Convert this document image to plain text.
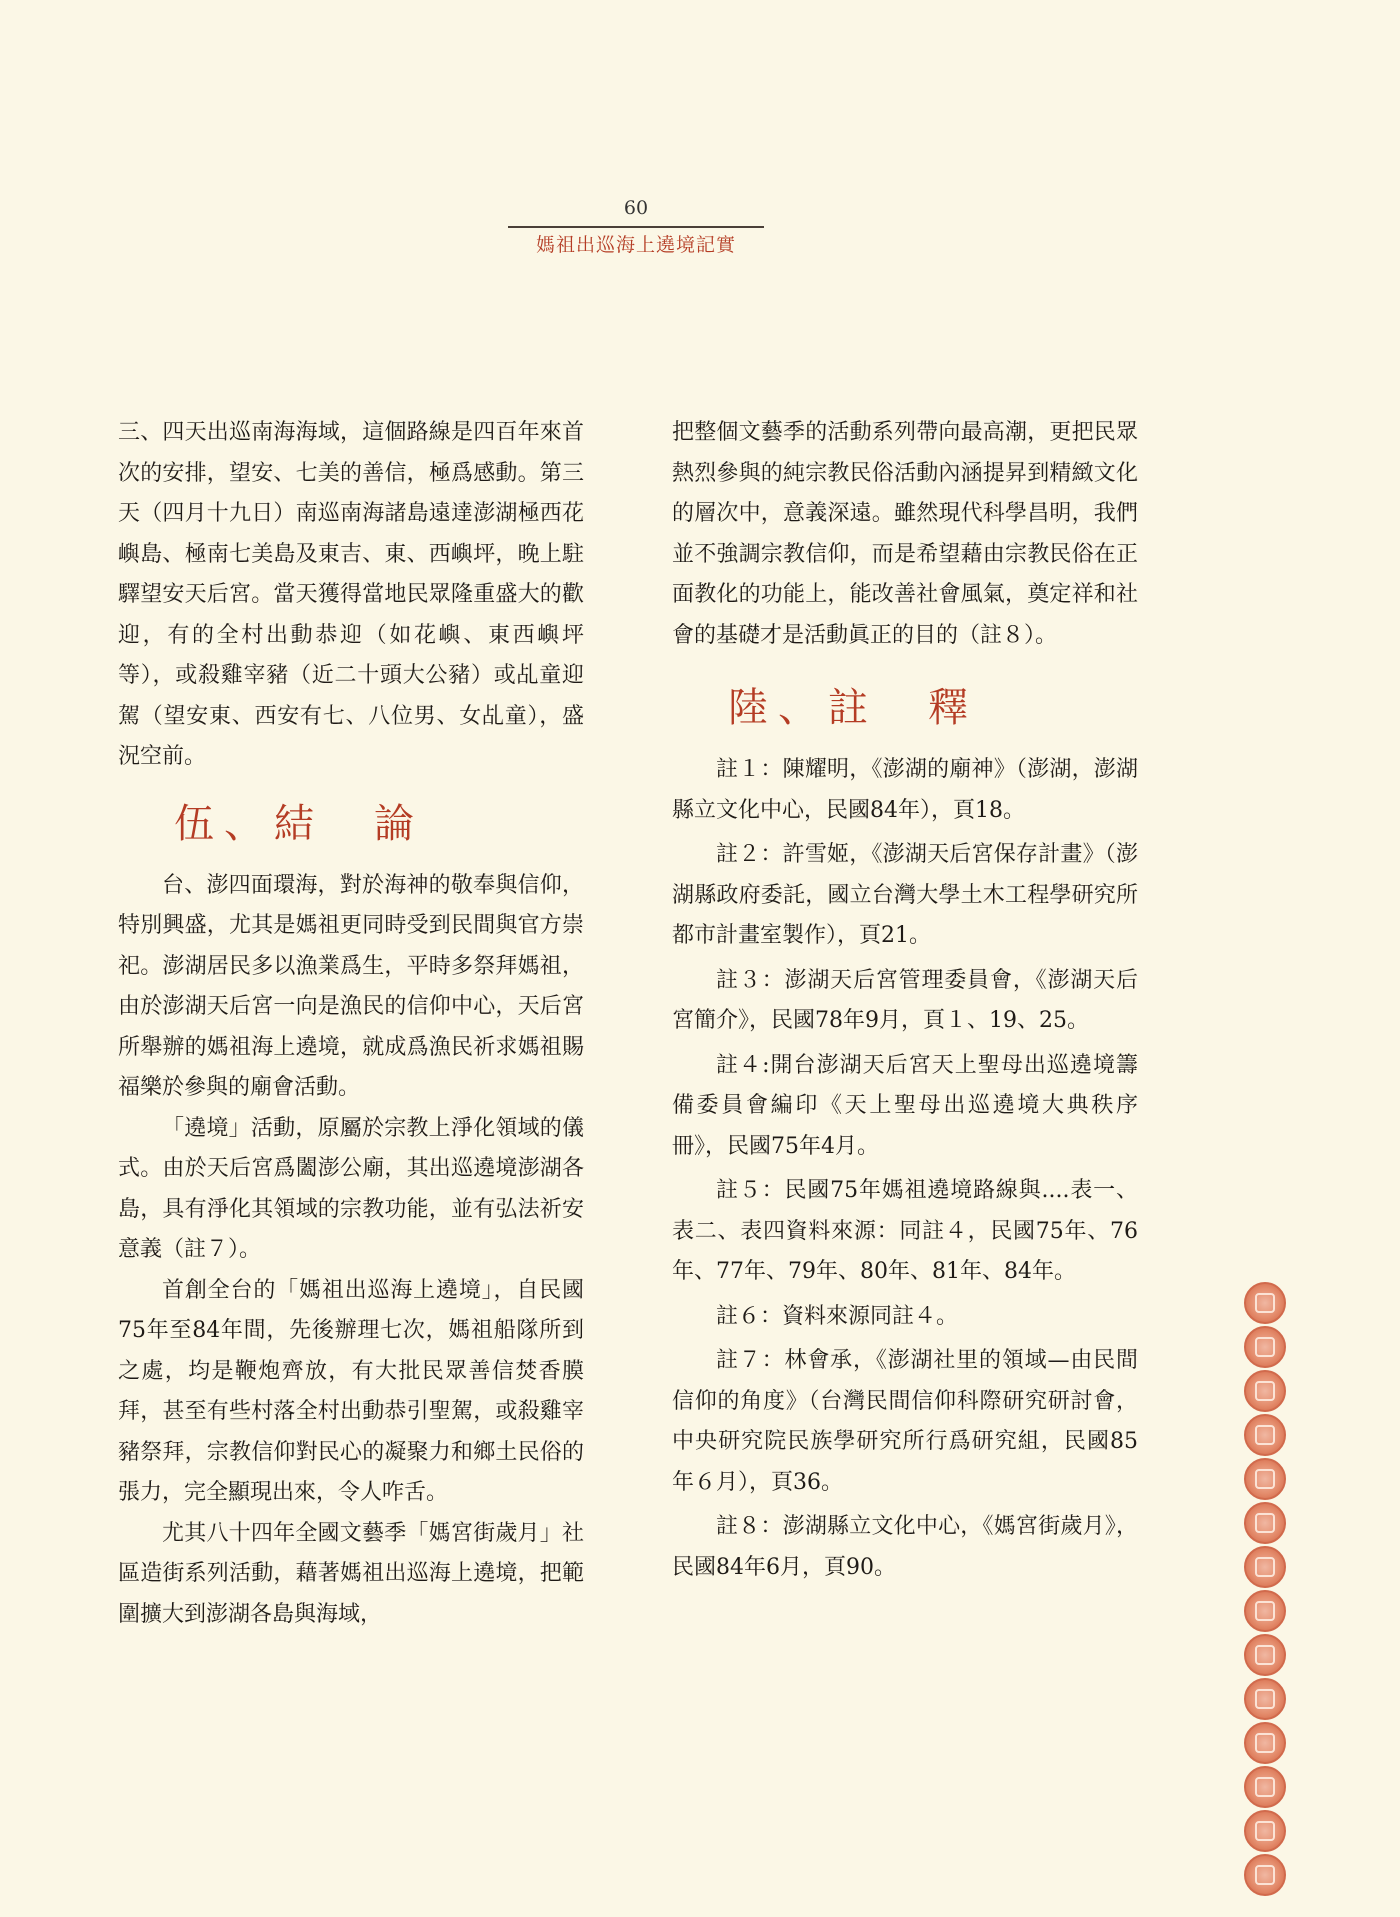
60
媽祖出巡海上遶境記實

三、四天出巡南海海域，這個路線是四百年來首次的安排，望安、七美的善信，極爲感動。第三天（四月十九日）南巡南海諸島遠達澎湖極西花嶼島、極南七美島及東吉、東、西嶼坪，晚上駐驛望安天后宮。當天獲得當地民眾隆重盛大的歡迎，有的全村出動恭迎（如花嶼、東西嶼坪等），或殺雞宰豬（近二十頭大公豬）或乩童迎駕（望安東、西安有七、八位男、女乩童），盛況空前。

伍、結　論

台、澎四面環海，對於海神的敬奉與信仰，特別興盛，尤其是媽祖更同時受到民間與官方崇祀。澎湖居民多以漁業爲生，平時多祭拜媽祖，由於澎湖天后宮一向是漁民的信仰中心，天后宮所舉辦的媽祖海上遶境，就成爲漁民祈求媽祖賜福樂於參與的廟會活動。

「遶境」活動，原屬於宗教上淨化領域的儀式。由於天后宮爲闔澎公廟，其出巡遶境澎湖各島，具有淨化其領域的宗教功能，並有弘法祈安意義（註７）。

首創全台的「媽祖出巡海上遶境」，自民國75年至84年間，先後辦理七次，媽祖船隊所到之處，均是鞭炮齊放，有大批民眾善信焚香膜拜，甚至有些村落全村出動恭引聖駕，或殺雞宰豬祭拜，宗教信仰對民心的凝聚力和鄉土民俗的張力，完全顯現出來，令人咋舌。

尤其八十四年全國文藝季「媽宮街歲月」社區造街系列活動，藉著媽祖出巡海上遶境，把範圍擴大到澎湖各島與海域，

把整個文藝季的活動系列帶向最高潮，更把民眾熱烈參與的純宗教民俗活動內涵提昇到精緻文化的層次中，意義深遠。雖然現代科學昌明，我們並不強調宗教信仰，而是希望藉由宗教民俗在正面教化的功能上，能改善社會風氣，奠定祥和社會的基礎才是活動眞正的目的（註８）。

陸、註　釋

註１：陳耀明，《澎湖的廟神》（澎湖，澎湖縣立文化中心，民國84年），頁18。

註２：許雪姬，《澎湖天后宮保存計畫》（澎湖縣政府委託，國立台灣大學土木工程學研究所都市計畫室製作），頁21。

註３：澎湖天后宮管理委員會，《澎湖天后宮簡介》，民國78年9月，頁１、19、25。

註４:開台澎湖天后宮天上聖母出巡遶境籌備委員會編印《天上聖母出巡遶境大典秩序冊》，民國75年4月。

註５：民國75年媽祖遶境路線與....表一、表二、表四資料來源：同註４，民國75年、76年、77年、79年、80年、81年、84年。

註６：資料來源同註４。

註７：林會承，《澎湖社里的領域—由民間信仰的角度》（台灣民間信仰科際研究研討會，中央研究院民族學研究所行爲研究組，民國85年６月），頁36。

註８：澎湖縣立文化中心，《媽宮街歲月》，民國84年6月，頁90。
